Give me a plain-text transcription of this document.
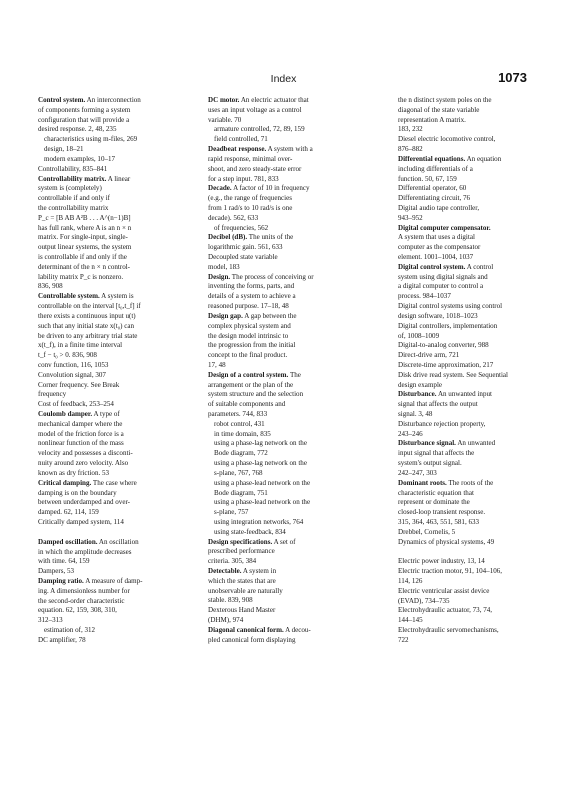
Index	1073
Control system. An interconnection
of components forming a system
configuration that will provide a
desired response. 2, 48, 235
characteristics using m-files, 269
design, 18–21
modern examples, 10–17
Controllability, 835–841
Controllability matrix. A linear
system is (completely)
controllable if and only if
the controllability matrix
P_c = [B AB A²B . . . A^(n−1)B]
has full rank, where A is an n × n
matrix. For single-input, single-
output linear systems, the system
is controllable if and only if the
determinant of the n × n control-
lability matrix P_c is nonzero.
836, 908
Controllable system. A system is
controllable on the interval [t₀,t_f] if
there exists a continuous input u(t)
such that any initial state x(t₀) can
be driven to any arbitrary trial state
x(t_f), in a finite time interval
t_f − t₀ > 0. 836, 908
conv function, 116, 1053
Convolution signal, 307
Corner frequency. See Break
frequency
Cost of feedback, 253–254
Coulomb damper. A type of
mechanical damper where the
model of the friction force is a
nonlinear function of the mass
velocity and possesses a disconti-
nuity around zero velocity. Also
known as dry friction. 53
Critical damping. The case where
damping is on the boundary
between underdamped and over-
damped. 62, 114, 159
Critically damped system, 114
Damped oscillation. An oscillation
in which the amplitude decreases
with time. 64, 159
Dampers, 53
Damping ratio. A measure of damp-
ing. A dimensionless number for
the second-order characteristic
equation. 62, 159, 308, 310,
312–313
estimation of, 312
DC amplifier, 78
DC motor. An electric actuator that
uses an input voltage as a control
variable. 70
armature controlled, 72, 89, 159
field controlled, 71
Deadbeat response. A system with a
rapid response, minimal over-
shoot, and zero steady-state error
for a step input. 781, 833
Decade. A factor of 10 in frequency
(e.g., the range of frequencies
from 1 rad/s to 10 rad/s is one
decade). 562, 633
of frequencies, 562
Decibel (dB). The units of the
logarithmic gain. 561, 633
Decoupled state variable
model, 183
Design. The process of conceiving or
inventing the forms, parts, and
details of a system to achieve a
reasoned purpose. 17–18, 48
Design gap. A gap between the
complex physical system and
the design model intrinsic to
the progression from the initial
concept to the final product.
17, 48
Design of a control system. The
arrangement or the plan of the
system structure and the selection
of suitable components and
parameters. 744, 833
robot control, 431
in time domain, 835
using a phase-lag network on the
Bode diagram, 772
using a phase-lag network on the
s-plane, 767, 768
using a phase-lead network on the
Bode diagram, 751
using a phase-lead network on the
s-plane, 757
using integration networks, 764
using state-feedback, 834
Design specifications. A set of
prescribed performance
criteria. 305, 384
Detectable. A system in
which the states that are
unobservable are naturally
stable. 839, 908
Dexterous Hand Master
(DHM), 974
Diagonal canonical form. A decou-
pled canonical form displaying
the n distinct system poles on the
diagonal of the state variable
representation A matrix.
183, 232
Diesel electric locomotive control,
876–882
Differential equations. An equation
including differentials of a
function. 50, 67, 159
Differential operator, 60
Differentiating circuit, 76
Digital audio tape controller,
943–952
Digital computer compensator.
A system that uses a digital
computer as the compensator
element. 1001–1004, 1037
Digital control system. A control
system using digital signals and
a digital computer to control a
process. 984–1037
Digital control systems using control
design software, 1018–1023
Digital controllers, implementation
of, 1008–1009
Digital-to-analog converter, 988
Direct-drive arm, 721
Discrete-time approximation, 217
Disk drive read system. See Sequential
design example
Disturbance. An unwanted input
signal that affects the output
signal. 3, 48
Disturbance rejection property,
243–246
Disturbance signal. An unwanted
input signal that affects the
system's output signal.
242–247, 303
Dominant roots. The roots of the
characteristic equation that
represent or dominate the
closed-loop transient response.
315, 364, 463, 551, 581, 633
Drebbel, Cornelis, 5
Dynamics of physical systems, 49
Electric power industry, 13, 14
Electric traction motor, 91, 104–106,
114, 126
Electric ventricular assist device
(EVAD), 734–735
Electrohydraulic actuator, 73, 74,
144–145
Electrohydraulic servomechanisms,
722
